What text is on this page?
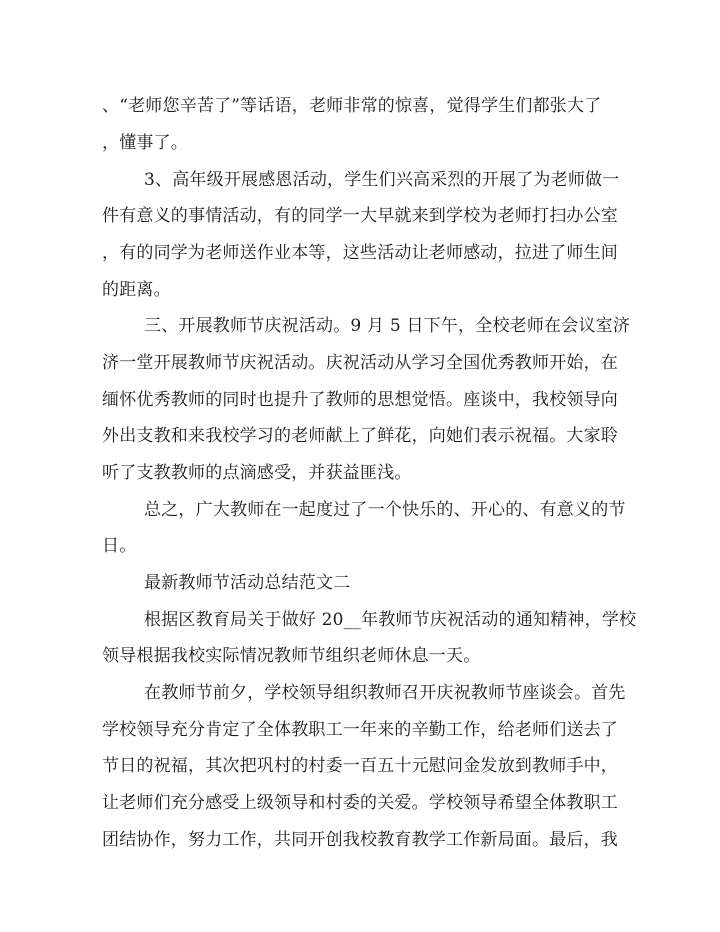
、“老师您辛苦了”等话语，老师非常的惊喜，觉得学生们都张大了
，懂事了。
3、高年级开展感恩活动，学生们兴高采烈的开展了为老师做一
件有意义的事情活动，有的同学一大早就来到学校为老师打扫办公室
，有的同学为老师送作业本等，这些活动让老师感动，拉进了师生间
的距离。
三、开展教师节庆祝活动。9 月 5 日下午，全校老师在会议室济
济一堂开展教师节庆祝活动。庆祝活动从学习全国优秀教师开始，在
缅怀优秀教师的同时也提升了教师的思想觉悟。座谈中，我校领导向
外出支教和来我校学习的老师献上了鲜花，向她们表示祝福。大家聆
听了支教教师的点滴感受，并获益匪浅。
总之，广大教师在一起度过了一个快乐的、开心的、有意义的节
日。
最新教师节活动总结范文二
根据区教育局关于做好 20__年教师节庆祝活动的通知精神，学校
领导根据我校实际情况教师节组织老师休息一天。
在教师节前夕，学校领导组织教师召开庆祝教师节座谈会。首先
学校领导充分肯定了全体教职工一年来的辛勤工作，给老师们送去了
节日的祝福，其次把巩村的村委一百五十元慰问金发放到教师手中，
让老师们充分感受上级领导和村委的关爱。学校领导希望全体教职工
团结协作，努力工作，共同开创我校教育教学工作新局面。最后，我
